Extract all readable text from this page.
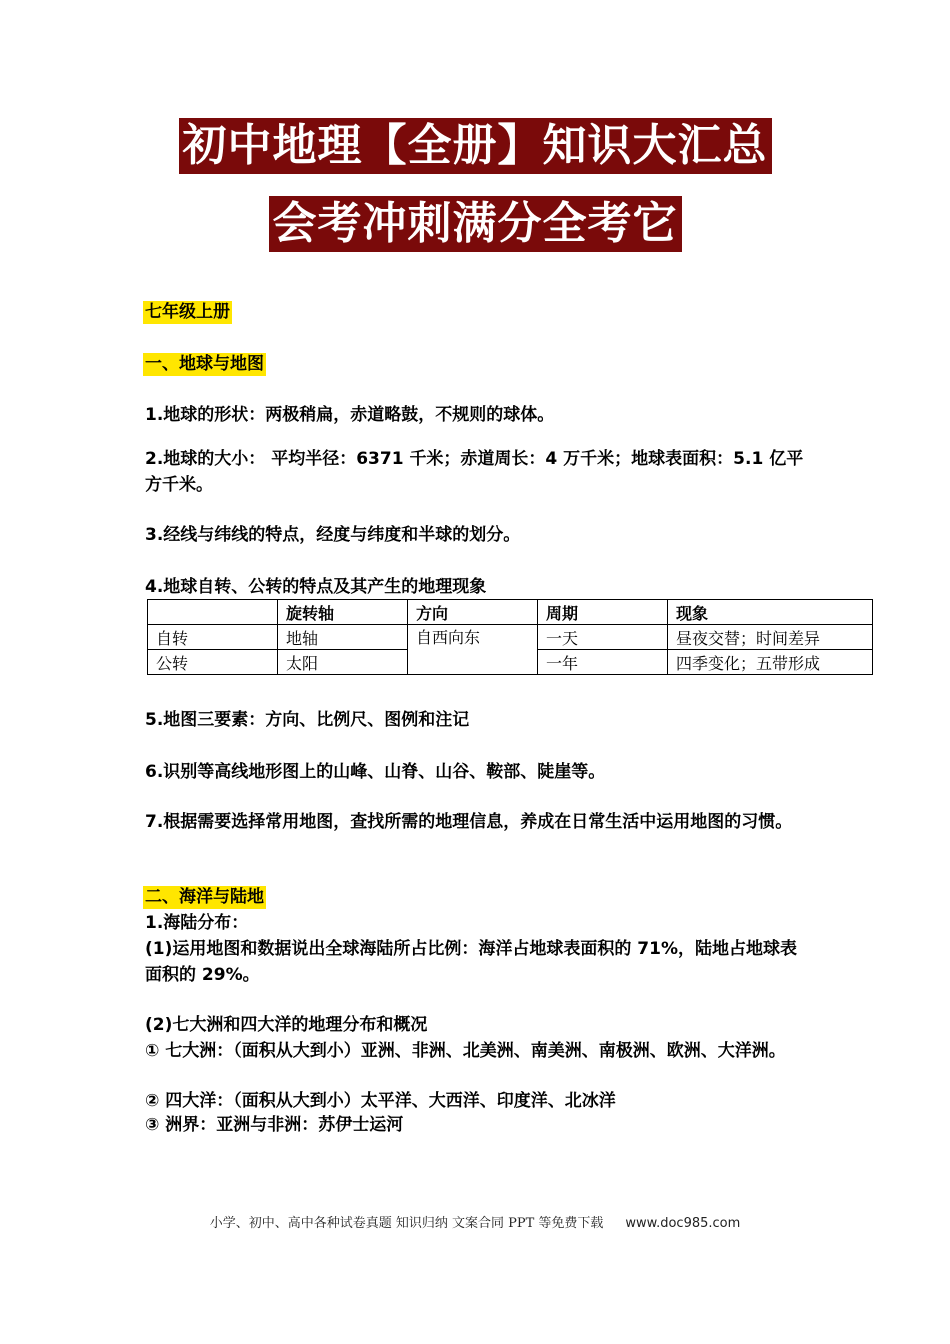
初中地理【全册】知识大汇总
会考冲刺满分全考它
七年级上册
一、地球与地图

1.地球的形状：两极稍扁，赤道略鼓，不规则的球体。

2.地球的大小： 平均半径：6371 千米；赤道周长：4 万千米；地球表面积：5.1 亿平方千米。

3.经线与纬线的特点，经度与纬度和半球的划分。

4.地球自转、公转的特点及其产生的地理现象

	旋转轴	方向	周期	现象
自转	地轴	自西向东	一天	昼夜交替；时间差异
公转	太阳		一年	四季变化；五带形成

5.地图三要素：方向、比例尺、图例和注记

6.识别等高线地形图上的山峰、山脊、山谷、鞍部、陡崖等。

7.根据需要选择常用地图，查找所需的地理信息，养成在日常生活中运用地图的习惯。

二、海洋与陆地

1.海陆分布：

(1)运用地图和数据说出全球海陆所占比例：海洋占地球表面积的 71%，陆地占地球表面积的 29%。

(2)七大洲和四大洋的地理分布和概况

① 七大洲：（面积从大到小）亚洲、非洲、北美洲、南美洲、南极洲、欧洲、大洋洲。

② 四大洋：（面积从大到小）太平洋、大西洋、印度洋、北冰洋

③ 洲界：亚洲与非洲：苏伊士运河

小学、初中、高中各种试卷真题 知识归纳 文案合同 PPT 等免费下载 www.doc985.com
